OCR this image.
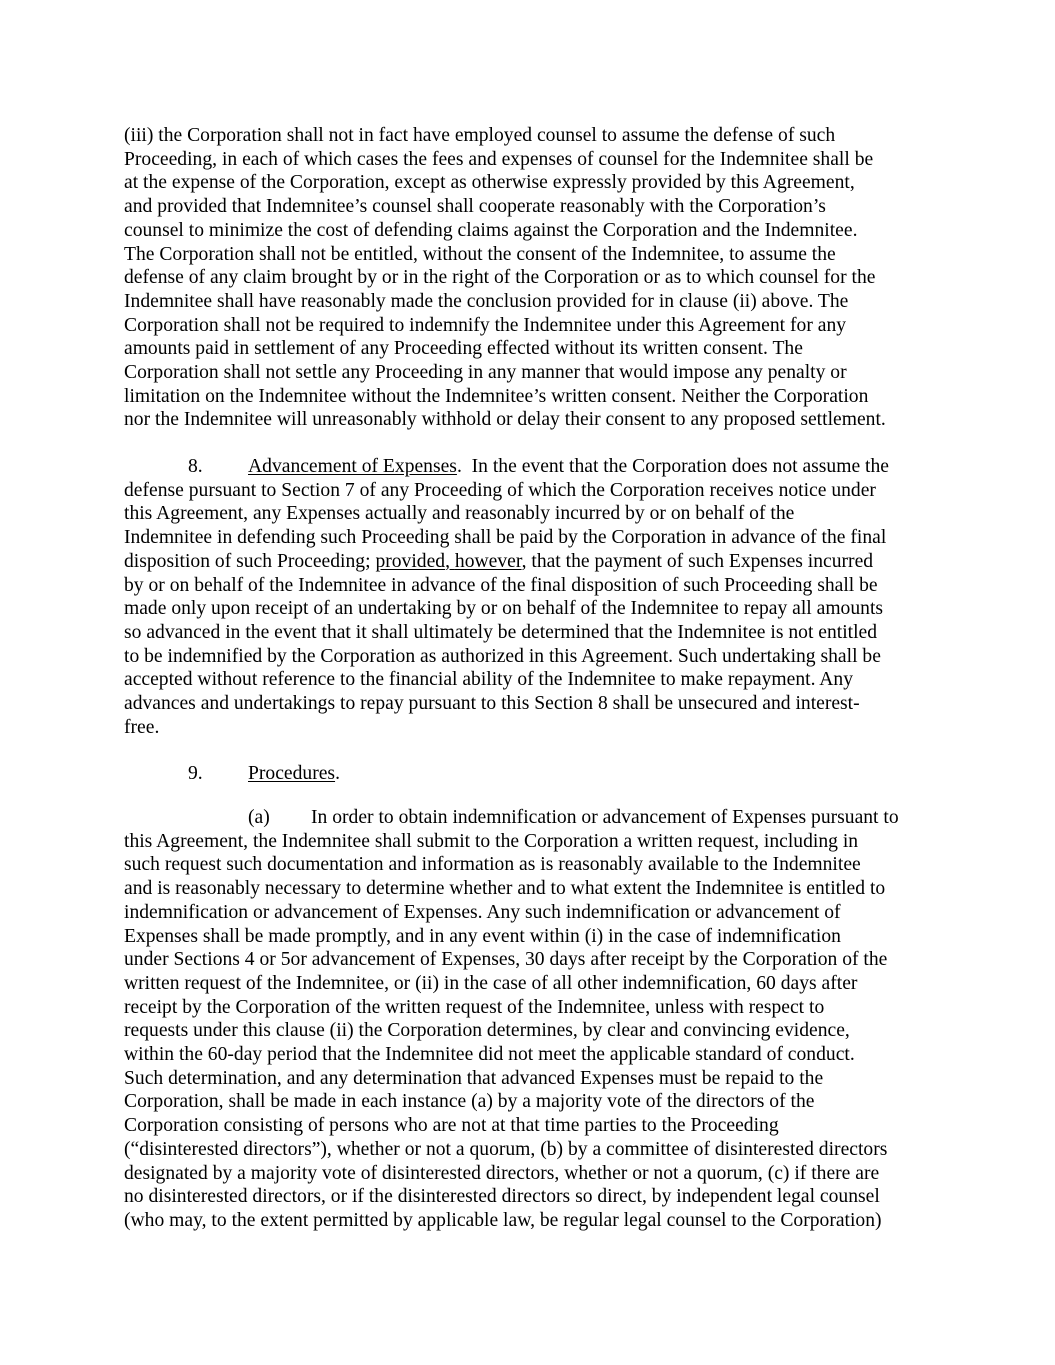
(iii) the Corporation shall not in fact have employed counsel to assume the defense of such
Proceeding, in each of which cases the fees and expenses of counsel for the Indemnitee shall be
at the expense of the Corporation, except as otherwise expressly provided by this Agreement,
and provided that Indemnitee’s counsel shall cooperate reasonably with the Corporation’s
counsel to minimize the cost of defending claims against the Corporation and the Indemnitee.
The Corporation shall not be entitled, without the consent of the Indemnitee, to assume the
defense of any claim brought by or in the right of the Corporation or as to which counsel for the
Indemnitee shall have reasonably made the conclusion provided for in clause (ii) above. The
Corporation shall not be required to indemnify the Indemnitee under this Agreement for any
amounts paid in settlement of any Proceeding effected without its written consent. The
Corporation shall not settle any Proceeding in any manner that would impose any penalty or
limitation on the Indemnitee without the Indemnitee’s written consent. Neither the Corporation
nor the Indemnitee will unreasonably withhold or delay their consent to any proposed settlement.
8. Advancement of Expenses.  In the event that the Corporation does not assume the
defense pursuant to Section 7 of any Proceeding of which the Corporation receives notice under
this Agreement, any Expenses actually and reasonably incurred by or on behalf of the
Indemnitee in defending such Proceeding shall be paid by the Corporation in advance of the final
disposition of such Proceeding; provided, however, that the payment of such Expenses incurred
by or on behalf of the Indemnitee in advance of the final disposition of such Proceeding shall be
made only upon receipt of an undertaking by or on behalf of the Indemnitee to repay all amounts
so advanced in the event that it shall ultimately be determined that the Indemnitee is not entitled
to be indemnified by the Corporation as authorized in this Agreement. Such undertaking shall be
accepted without reference to the financial ability of the Indemnitee to make repayment. Any
advances and undertakings to repay pursuant to this Section 8 shall be unsecured and interest-
free.
9. Procedures.
(a) In order to obtain indemnification or advancement of Expenses pursuant to
this Agreement, the Indemnitee shall submit to the Corporation a written request, including in
such request such documentation and information as is reasonably available to the Indemnitee
and is reasonably necessary to determine whether and to what extent the Indemnitee is entitled to
indemnification or advancement of Expenses. Any such indemnification or advancement of
Expenses shall be made promptly, and in any event within (i) in the case of indemnification
under Sections 4 or 5or advancement of Expenses, 30 days after receipt by the Corporation of the
written request of the Indemnitee, or (ii) in the case of all other indemnification, 60 days after
receipt by the Corporation of the written request of the Indemnitee, unless with respect to
requests under this clause (ii) the Corporation determines, by clear and convincing evidence,
within the 60-day period that the Indemnitee did not meet the applicable standard of conduct.
Such determination, and any determination that advanced Expenses must be repaid to the
Corporation, shall be made in each instance (a) by a majority vote of the directors of the
Corporation consisting of persons who are not at that time parties to the Proceeding
(“disinterested directors”), whether or not a quorum, (b) by a committee of disinterested directors
designated by a majority vote of disinterested directors, whether or not a quorum, (c) if there are
no disinterested directors, or if the disinterested directors so direct, by independent legal counsel
(who may, to the extent permitted by applicable law, be regular legal counsel to the Corporation)
